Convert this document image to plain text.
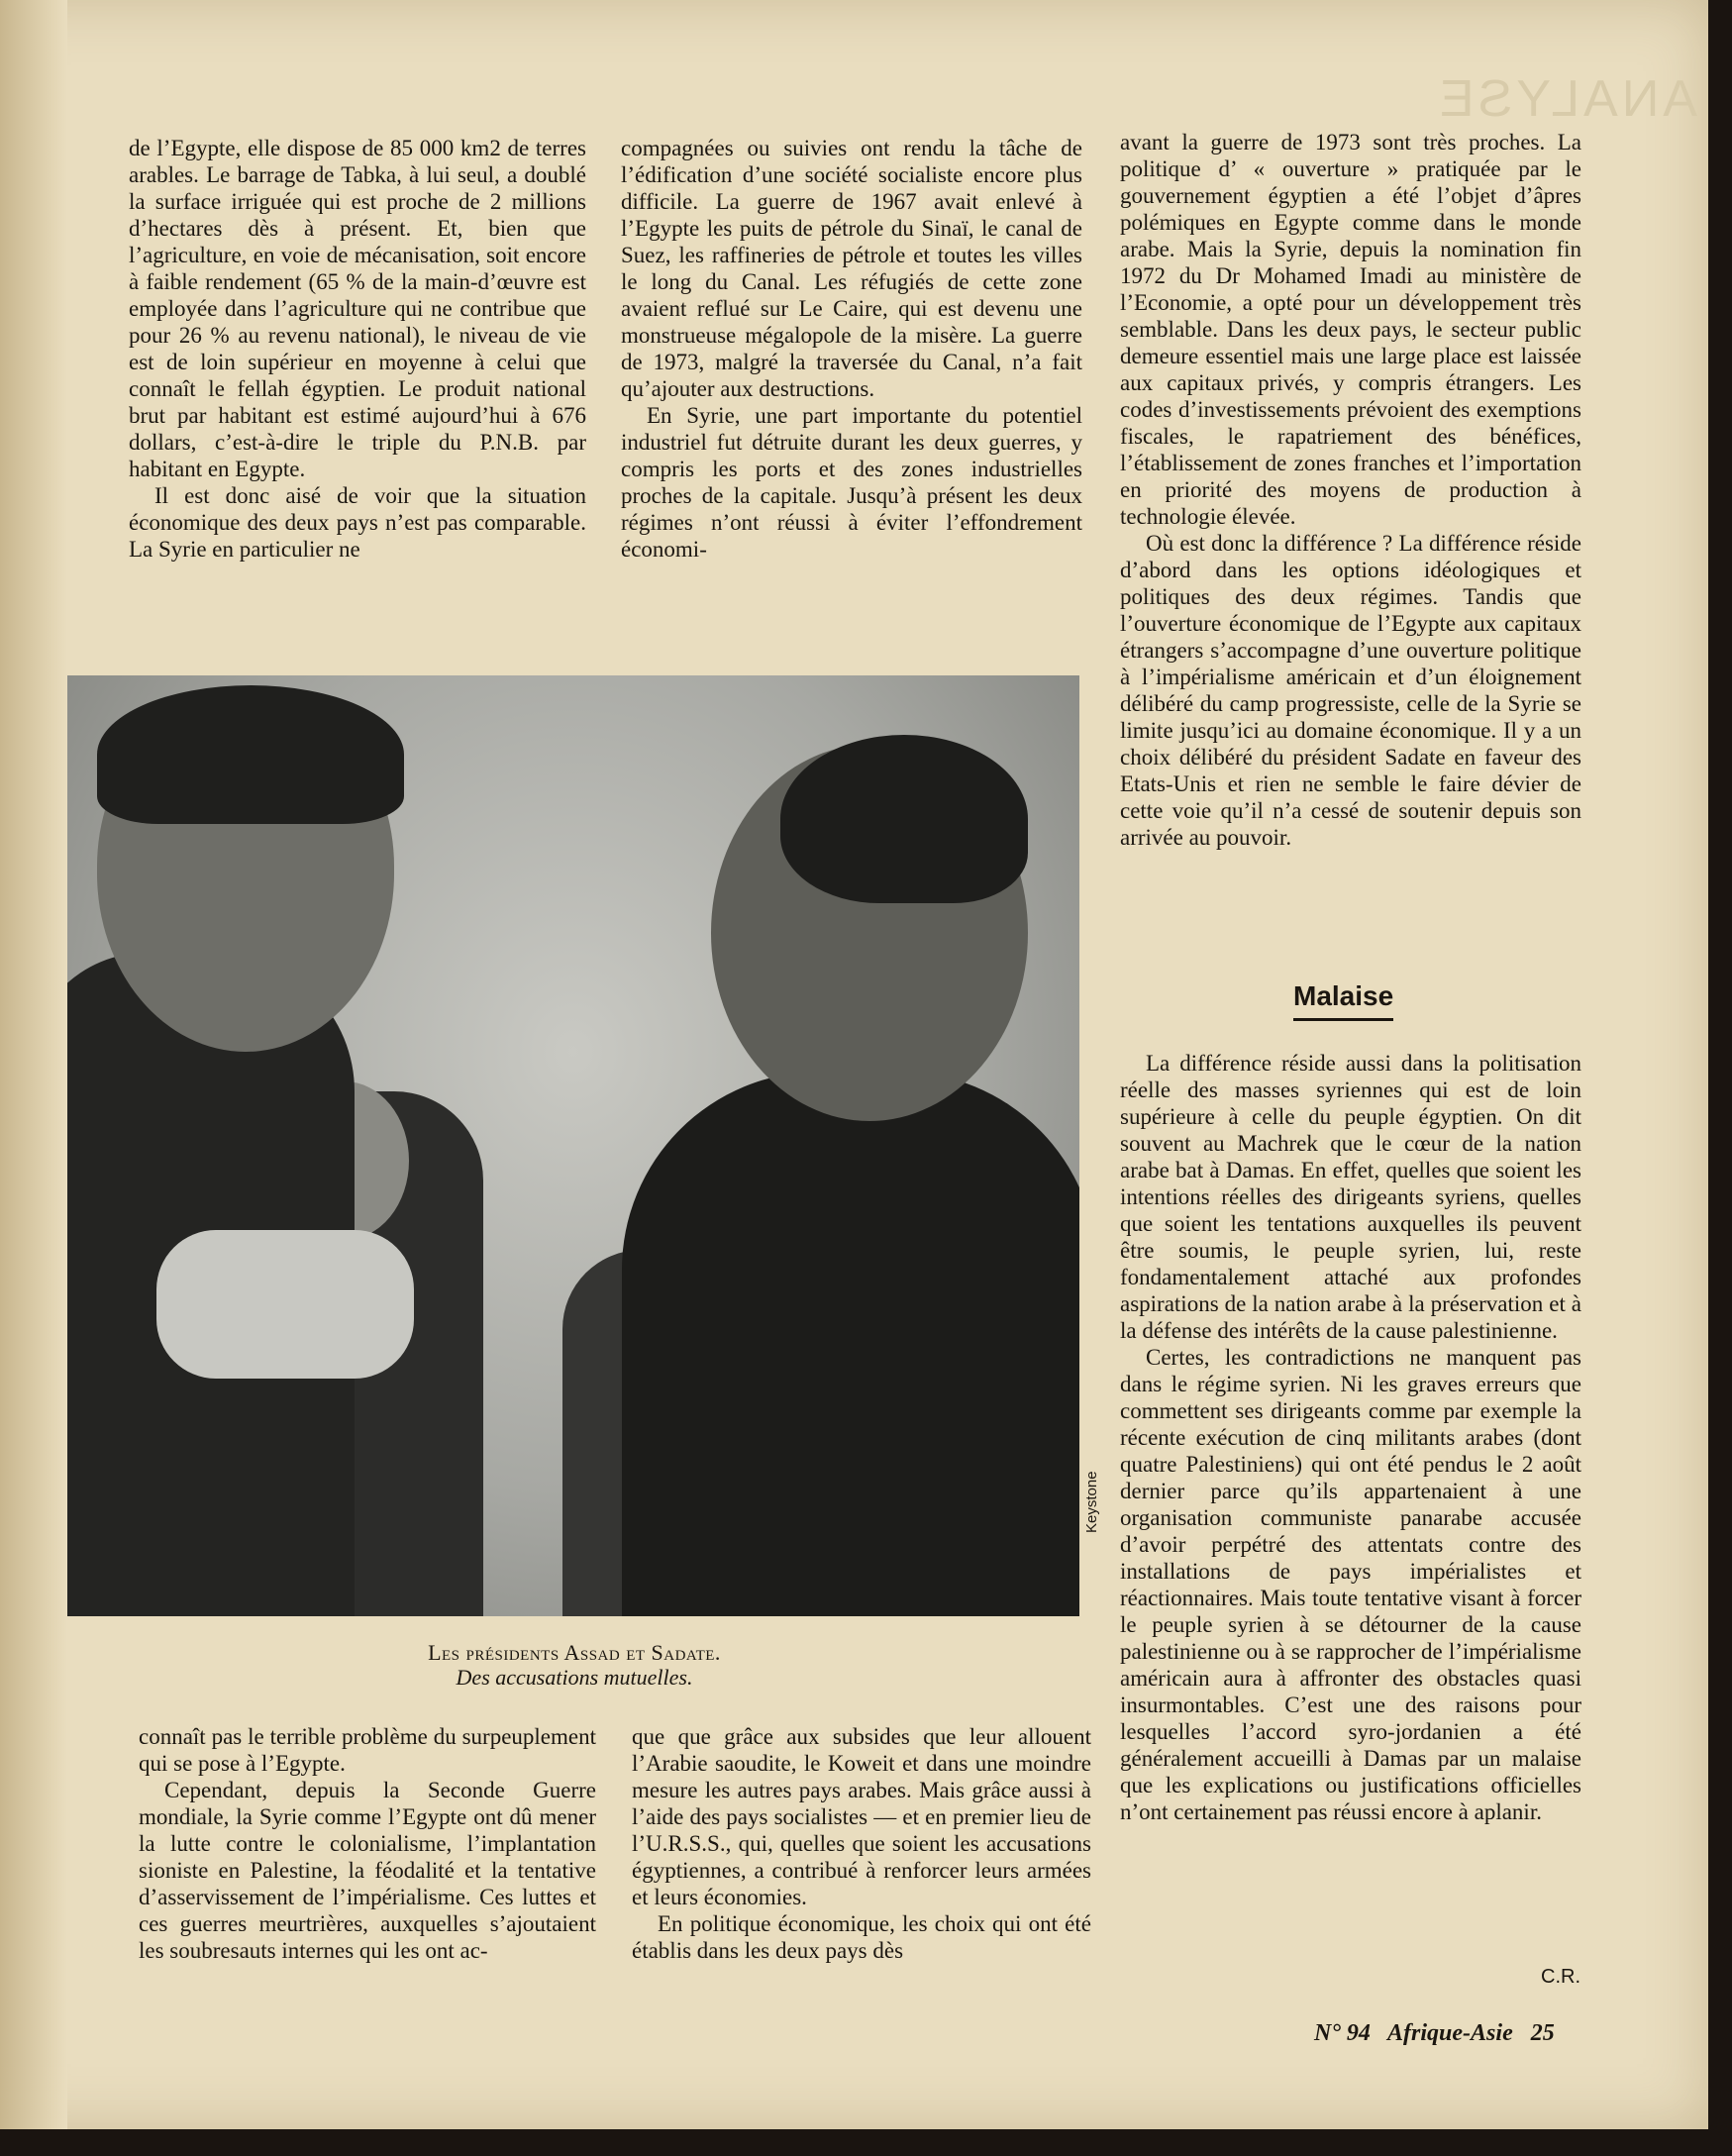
ANALYSE

de l’Egypte, elle dispose de 85 000 km2 de terres arables. Le barrage de Tabka, à lui seul, a doublé la surface irriguée qui est proche de 2 millions d’hectares dès à présent. Et, bien que l’agriculture, en voie de mécanisation, soit encore à faible rendement (65 % de la main-d’œuvre est employée dans l’agriculture qui ne contribue que pour 26 % au revenu national), le niveau de vie est de loin supérieur en moyenne à celui que connaît le fellah égyptien. Le produit national brut par habitant est estimé aujourd’hui à 676 dollars, c’est-à-dire le triple du P.N.B. par habitant en Egypte.

Il est donc aisé de voir que la situation économique des deux pays n’est pas comparable. La Syrie en particulier ne

compagnées ou suivies ont rendu la tâche de l’édification d’une société socialiste encore plus difficile. La guerre de 1967 avait enlevé à l’Egypte les puits de pétrole du Sinaï, le canal de Suez, les raffineries de pétrole et toutes les villes le long du Canal. Les réfugiés de cette zone avaient reflué sur Le Caire, qui est devenu une monstrueuse mégalopole de la misère. La guerre de 1973, malgré la traversée du Canal, n’a fait qu’ajouter aux destructions.

En Syrie, une part importante du potentiel industriel fut détruite durant les deux guerres, y compris les ports et des zones industrielles proches de la capitale. Jusqu’à présent les deux régimes n’ont réussi à éviter l’effondrement économi-

avant la guerre de 1973 sont très proches. La politique d’ « ouverture » pratiquée par le gouvernement égyptien a été l’objet d’âpres polémiques en Egypte comme dans le monde arabe. Mais la Syrie, depuis la nomination fin 1972 du Dr Mohamed Imadi au ministère de l’Economie, a opté pour un développement très semblable. Dans les deux pays, le secteur public demeure essentiel mais une large place est laissée aux capitaux privés, y compris étrangers. Les codes d’investissements prévoient des exemptions fiscales, le rapatriement des bénéfices, l’établissement de zones franches et l’importation en priorité des moyens de production à technologie élevée.

Où est donc la différence ? La différence réside d’abord dans les options idéologiques et politiques des deux régimes. Tandis que l’ouverture économique de l’Egypte aux capitaux étrangers s’accompagne d’une ouverture politique à l’impérialisme américain et d’un éloignement délibéré du camp progressiste, celle de la Syrie se limite jusqu’ici au domaine économique. Il y a un choix délibéré du président Sadate en faveur des Etats-Unis et rien ne semble le faire dévier de cette voie qu’il n’a cessé de soutenir depuis son arrivée au pouvoir.

Malaise

La différence réside aussi dans la politisation réelle des masses syriennes qui est de loin supérieure à celle du peuple égyptien. On dit souvent au Machrek que le cœur de la nation arabe bat à Damas. En effet, quelles que soient les intentions réelles des dirigeants syriens, quelles que soient les tentations auxquelles ils peuvent être soumis, le peuple syrien, lui, reste fondamentalement attaché aux profondes aspirations de la nation arabe à la préservation et à la défense des intérêts de la cause palestinienne.

Certes, les contradictions ne manquent pas dans le régime syrien. Ni les graves erreurs que commettent ses dirigeants comme par exemple la récente exécution de cinq militants arabes (dont quatre Palestiniens) qui ont été pendus le 2 août dernier parce qu’ils appartenaient à une organisation communiste panarabe accusée d’avoir perpétré des attentats contre des installations de pays impérialistes et réactionnaires. Mais toute tentative visant à forcer le peuple syrien à se détourner de la cause palestinienne ou à se rapprocher de l’impérialisme américain aura à affronter des obstacles quasi insurmontables. C’est une des raisons pour lesquelles l’accord syro-jordanien a été généralement accueilli à Damas par un malaise que les explications ou justifications officielles n’ont certainement pas réussi encore à aplanir.

C.R.
Keystone
Les présidents Assad et Sadate.
Des accusations mutuelles.

connaît pas le terrible problème du surpeuplement qui se pose à l’Egypte.

Cependant, depuis la Seconde Guerre mondiale, la Syrie comme l’Egypte ont dû mener la lutte contre le colonialisme, l’implantation sioniste en Palestine, la féodalité et la tentative d’asservissement de l’impérialisme. Ces luttes et ces guerres meurtrières, auxquelles s’ajoutaient les soubresauts internes qui les ont ac-

que que grâce aux subsides que leur allouent l’Arabie saoudite, le Koweit et dans une moindre mesure les autres pays arabes. Mais grâce aussi à l’aide des pays socialistes — et en premier lieu de l’U.R.S.S., qui, quelles que soient les accusations égyptiennes, a contribué à renforcer leurs armées et leurs économies.

En politique économique, les choix qui ont été établis dans les deux pays dès

N° 94 Afrique-Asie 25
